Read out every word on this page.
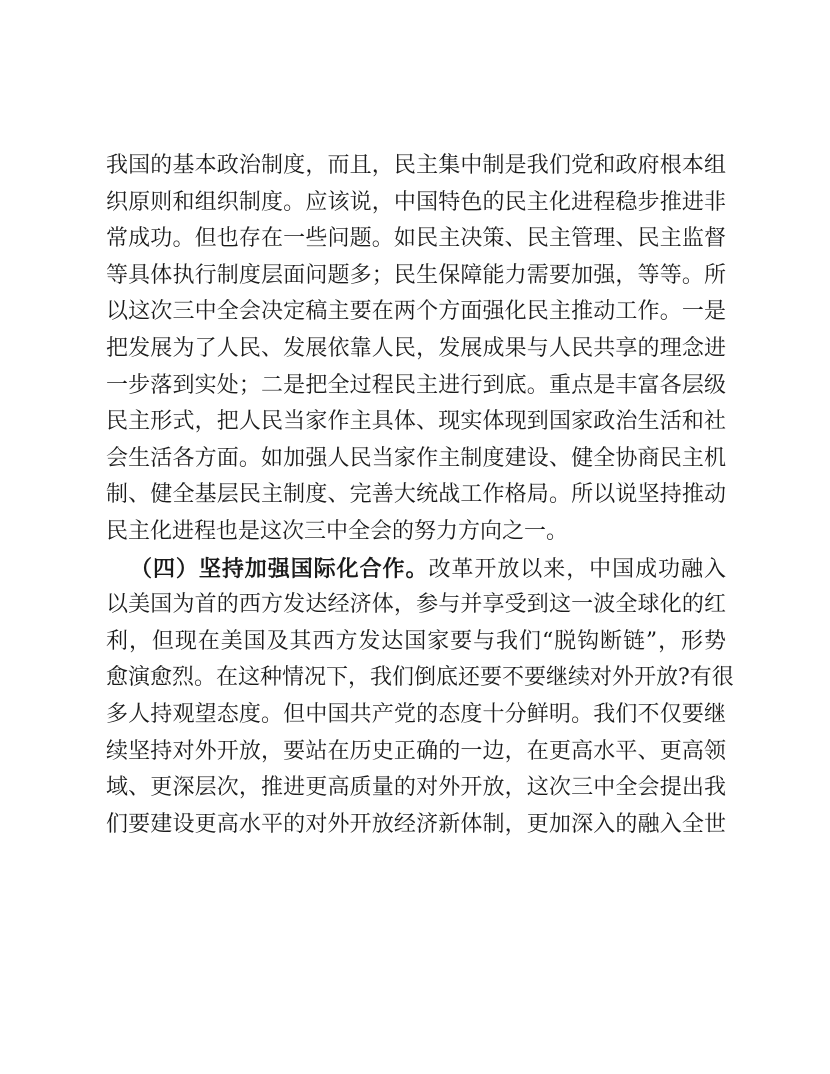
我国的基本政治制度，而且，民主集中制是我们党和政府根本组
织原则和组织制度。应该说，中国特色的民主化进程稳步推进非
常成功。但也存在一些问题。如民主决策、民主管理、民主监督
等具体执行制度层面问题多；民生保障能力需要加强，等等。所
以这次三中全会决定稿主要在两个方面强化民主推动工作。一是
把发展为了人民、发展依靠人民，发展成果与人民共享的理念进
一步落到实处；二是把全过程民主进行到底。重点是丰富各层级
民主形式，把人民当家作主具体、现实体现到国家政治生活和社
会生活各方面。如加强人民当家作主制度建设、健全协商民主机
制、健全基层民主制度、完善大统战工作格局。所以说坚持推动
民主化进程也是这次三中全会的努力方向之一。
（四）坚持加强国际化合作。改革开放以来，中国成功融入
以美国为首的西方发达经济体，参与并享受到这一波全球化的红
利，但现在美国及其西方发达国家要与我们“脱钩断链”，形势
愈演愈烈。在这种情况下，我们倒底还要不要继续对外开放?有很
多人持观望态度。但中国共产党的态度十分鲜明。我们不仅要继
续坚持对外开放，要站在历史正确的一边，在更高水平、更高领
域、更深层次，推进更高质量的对外开放，这次三中全会提出我
们要建设更高水平的对外开放经济新体制，更加深入的融入全世
